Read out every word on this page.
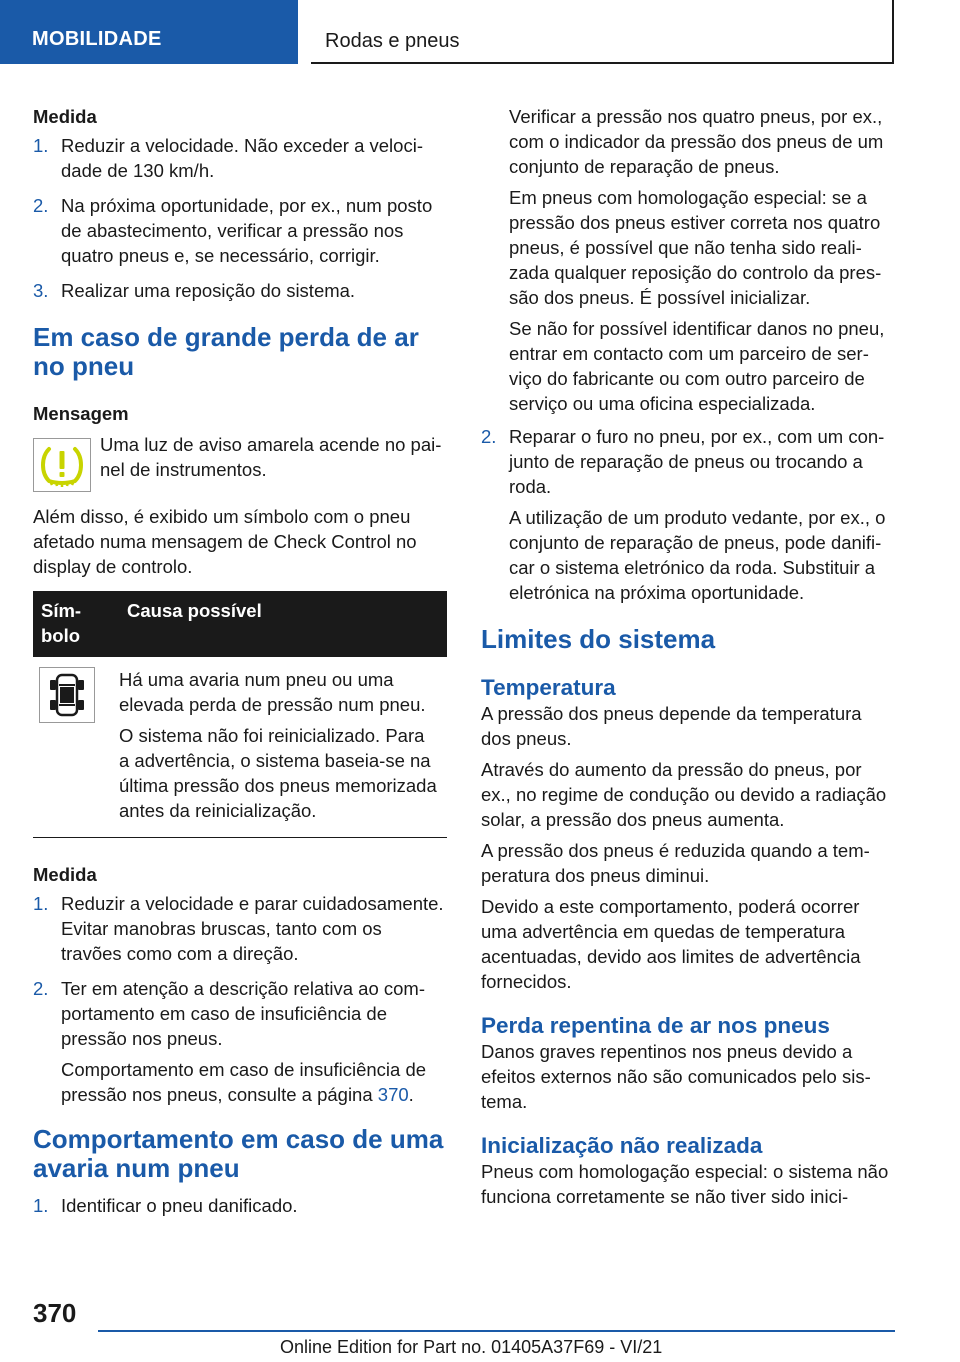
MOBILIDADE	Rodas e pneus
Medida
1. Reduzir a velocidade. Não exceder a velocidade de 130 km/h.
2. Na próxima oportunidade, por ex., num posto de abastecimento, verificar a pressão nos quatro pneus e, se necessário, corrigir.
3. Realizar uma reposição do sistema.
Em caso de grande perda de ar no pneu
Mensagem

Uma luz de aviso amarela acende no painel de instrumentos.

Além disso, é exibido um símbolo com o pneu afetado numa mensagem de Check Control no display de controlo.

Sím-bolo	Causa possível

Há uma avaria num pneu ou uma elevada perda de pressão num pneu.

O sistema não foi reinicializado. Para a advertência, o sistema baseia-se na última pressão dos pneus memorizada antes da reinicialização.

Medida
1. Reduzir a velocidade e parar cuidadosamente. Evitar manobras bruscas, tanto com os travões como com a direção.
2. Ter em atenção a descrição relativa ao comportamento em caso de insuficiência de pressão nos pneus.

Comportamento em caso de insuficiência de pressão nos pneus, consulte a página 370.

Comportamento em caso de uma avaria num pneu
1. Identificar o pneu danificado.

Verificar a pressão nos quatro pneus, por ex., com o indicador da pressão dos pneus de um conjunto de reparação de pneus.

Em pneus com homologação especial: se a pressão dos pneus estiver correta nos quatro pneus, é possível que não tenha sido realizada qualquer reposição do controlo da pressão dos pneus. É possível inicializar.

Se não for possível identificar danos no pneu, entrar em contacto com um parceiro de serviço do fabricante ou com outro parceiro de serviço ou uma oficina especializada.

2. Reparar o furo no pneu, por ex., com um conjunto de reparação de pneus ou trocando a roda.

A utilização de um produto vedante, por ex., o conjunto de reparação de pneus, pode danificar o sistema eletrónico da roda. Substituir a eletrónica na próxima oportunidade.

Limites do sistema
Temperatura

A pressão dos pneus depende da temperatura dos pneus.

Através do aumento da pressão do pneus, por ex., no regime de condução ou devido a radiação solar, a pressão dos pneus aumenta.

A pressão dos pneus é reduzida quando a temperatura dos pneus diminui.

Devido a este comportamento, poderá ocorrer uma advertência em quedas de temperatura acentuadas, devido aos limites de advertência fornecidos.

Perda repentina de ar nos pneus

Danos graves repentinos nos pneus devido a efeitos externos não são comunicados pelo sistema.

Inicialização não realizada

Pneus com homologação especial: o sistema não funciona corretamente se não tiver sido inici-

370
Online Edition for Part no. 01405A37F69 - VI/21
